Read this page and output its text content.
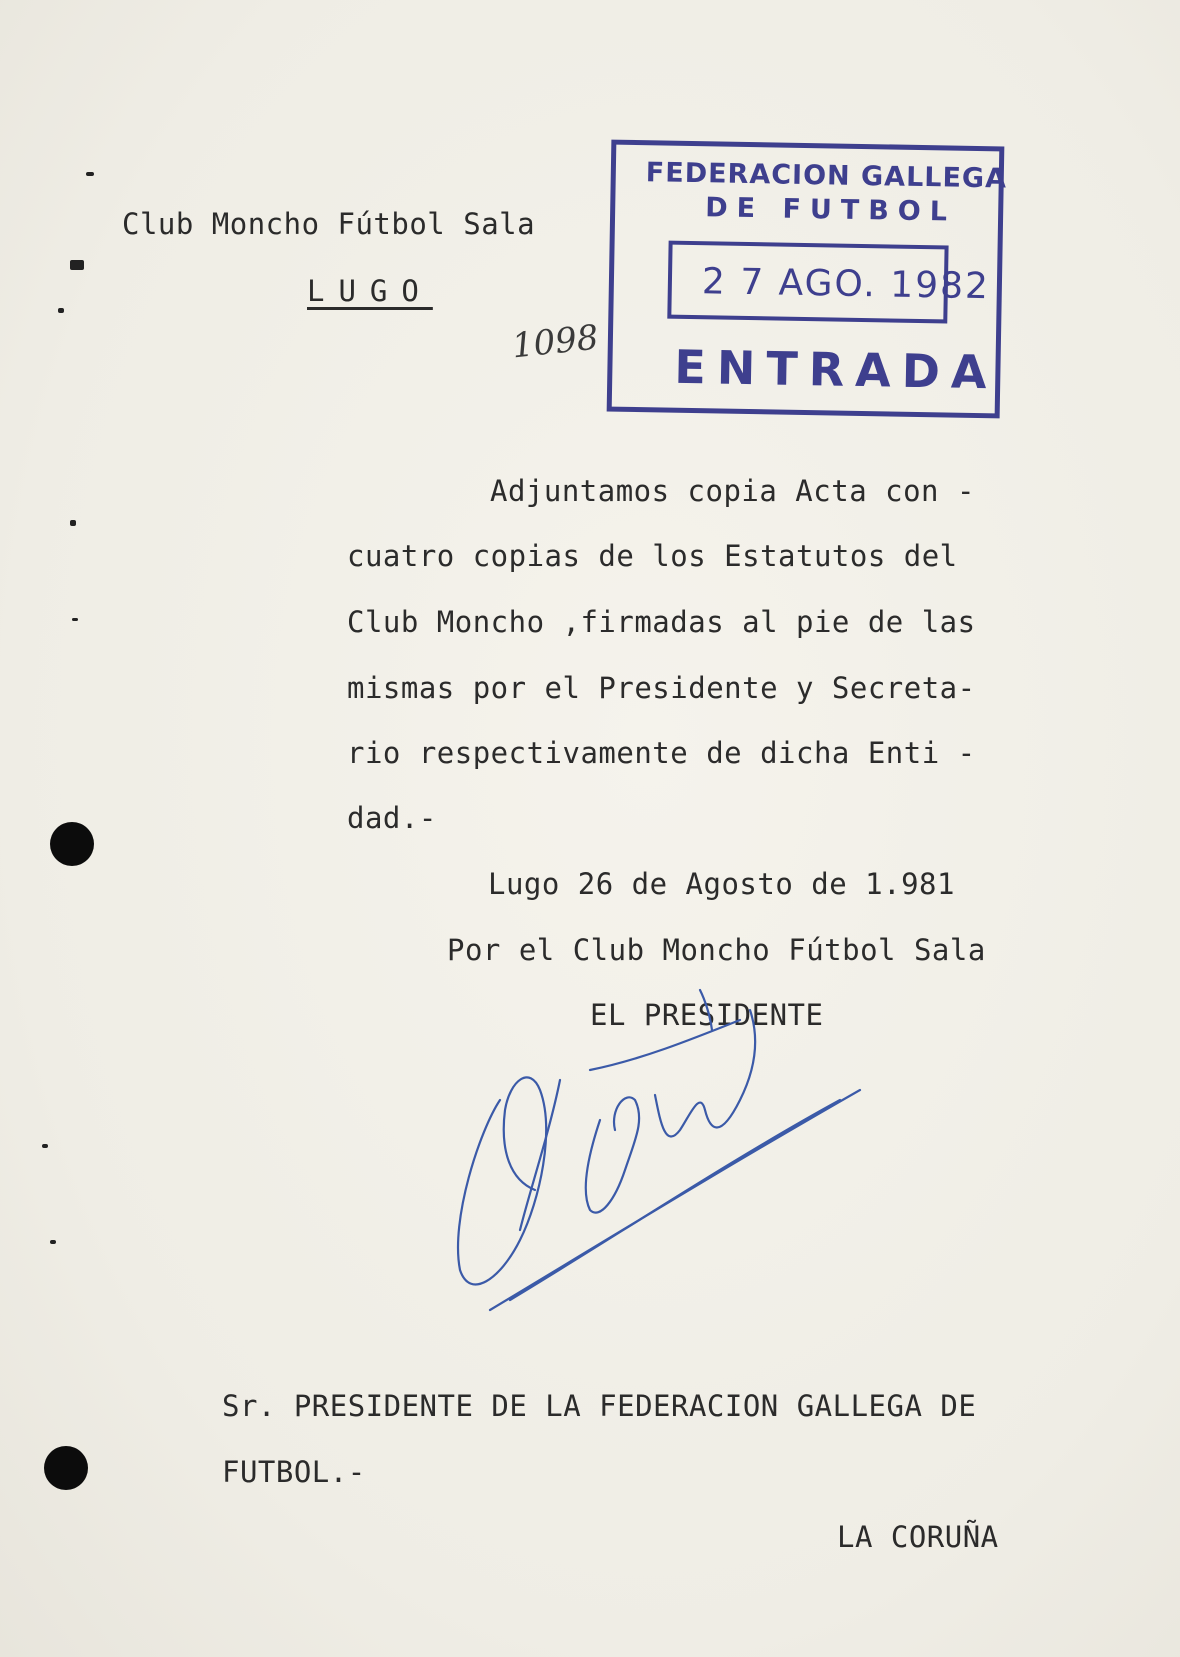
Club Moncho Fútbol Sala
LUGO
1098
FEDERACION GALLEGA
DE FUTBOL
2 7 AGO. 1982
ENTRADA
Adjuntamos copia Acta con -
cuatro copias de los Estatutos del
Club Moncho ,firmadas al pie de las
mismas por el Presidente y Secreta-
rio respectivamente de dicha Enti -
dad.-
Lugo 26 de Agosto de 1.981
Por el Club Moncho Fútbol Sala
EL PRESIDENTE
Sr. PRESIDENTE DE LA FEDERACION GALLEGA DE
FUTBOL.-
LA CORUÑA
